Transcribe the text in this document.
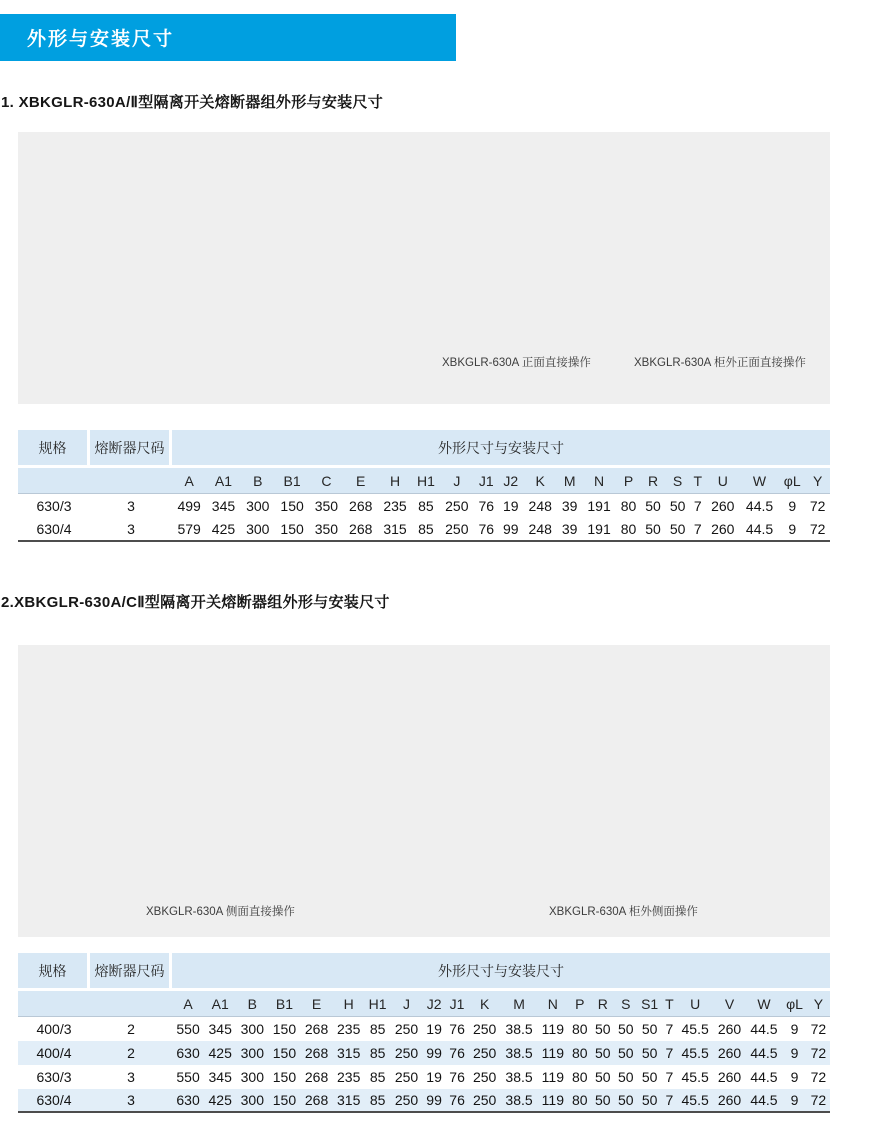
外形与安装尺寸
1. XBKGLR-630A/Ⅱ型隔离开关熔断器组外形与安装尺寸
XBKGLR-630A 正面直接操作	XBKGLR-630A 柜外正面直接操作
规格	熔断器尺码	外形尺寸与安装尺寸																					
		A	A1	B	B1	C	E	H	H1	J	J1	J2	K	M	N	P	R	S	T	U	W	φL	Y
630/3	3	499	345	300	150	350	268	235	85	250	76	19	248	39	191	80	50	50	7	260	44.5	9	72
630/4	3	579	425	300	150	350	268	315	85	250	76	99	248	39	191	80	50	50	7	260	44.5	9	72
2.XBKGLR-630A/CⅡ型隔离开关熔断器组外形与安装尺寸
XBKGLR-630A 侧面直接操作	XBKGLR-630A 柜外侧面操作
规格	熔断器尺码	外形尺寸与安装尺寸																						
		A	A1	B	B1	E	H	H1	J	J2	J1	K	M	N	P	R	S	S1	T	U	V	W	φL	Y
400/3	2	550	345	300	150	268	235	85	250	19	76	250	38.5	119	80	50	50	50	7	45.5	260	44.5	9	72
400/4	2	630	425	300	150	268	315	85	250	99	76	250	38.5	119	80	50	50	50	7	45.5	260	44.5	9	72
630/3	3	550	345	300	150	268	235	85	250	19	76	250	38.5	119	80	50	50	50	7	45.5	260	44.5	9	72
630/4	3	630	425	300	150	268	315	85	250	99	76	250	38.5	119	80	50	50	50	7	45.5	260	44.5	9	72
